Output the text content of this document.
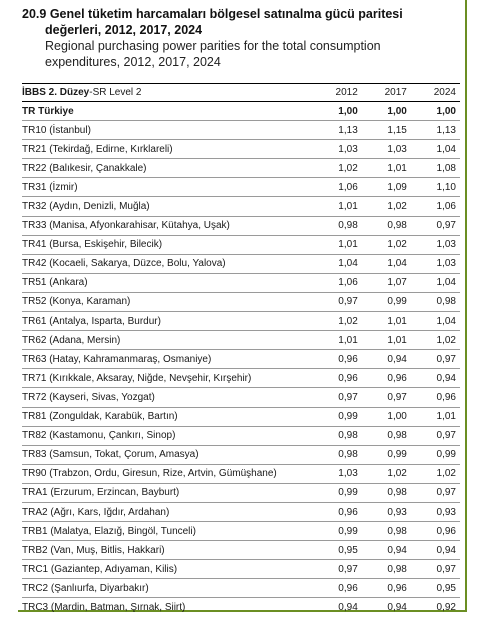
20.9 Genel tüketim harcamaları bölgesel satınalma gücü paritesi
değerleri, 2012, 2017, 2024
Regional purchasing power parities for the total consumption
expenditures, 2012, 2017, 2024
İBBS 2. Düzey-SR Level 2	2012	2017	2024
TR Türkiye	1,00	1,00	1,00
TR10 (İstanbul)	1,13	1,15	1,13
TR21 (Tekirdağ, Edirne, Kırklareli)	1,03	1,03	1,04
TR22 (Balıkesir, Çanakkale)	1,02	1,01	1,08
TR31 (İzmir)	1,06	1,09	1,10
TR32 (Aydın, Denizli, Muğla)	1,01	1,02	1,06
TR33 (Manisa, Afyonkarahisar, Kütahya, Uşak)	0,98	0,98	0,97
TR41 (Bursa, Eskişehir, Bilecik)	1,01	1,02	1,03
TR42 (Kocaeli, Sakarya, Düzce, Bolu, Yalova)	1,04	1,04	1,03
TR51 (Ankara)	1,06	1,07	1,04
TR52 (Konya, Karaman)	0,97	0,99	0,98
TR61 (Antalya, Isparta, Burdur)	1,02	1,01	1,04
TR62 (Adana, Mersin)	1,01	1,01	1,02
TR63 (Hatay, Kahramanmaraş, Osmaniye)	0,96	0,94	0,97
TR71 (Kırıkkale, Aksaray, Niğde, Nevşehir, Kırşehir)	0,96	0,96	0,94
TR72 (Kayseri, Sivas, Yozgat)	0,97	0,97	0,96
TR81 (Zonguldak, Karabük, Bartın)	0,99	1,00	1,01
TR82 (Kastamonu, Çankırı, Sinop)	0,98	0,98	0,97
TR83 (Samsun, Tokat, Çorum, Amasya)	0,98	0,99	0,99
TR90 (Trabzon, Ordu, Giresun, Rize, Artvin, Gümüşhane)	1,03	1,02	1,02
TRA1 (Erzurum, Erzincan, Bayburt)	0,99	0,98	0,97
TRA2 (Ağrı, Kars, Iğdır, Ardahan)	0,96	0,93	0,93
TRB1 (Malatya, Elazığ, Bingöl, Tunceli)	0,99	0,98	0,96
TRB2 (Van, Muş, Bitlis, Hakkari)	0,95	0,94	0,94
TRC1 (Gaziantep, Adıyaman, Kilis)	0,97	0,98	0,97
TRC2 (Şanlıurfa, Diyarbakır)	0,96	0,96	0,95
TRC3 (Mardin, Batman, Şırnak, Siirt)	0,94	0,94	0,92
